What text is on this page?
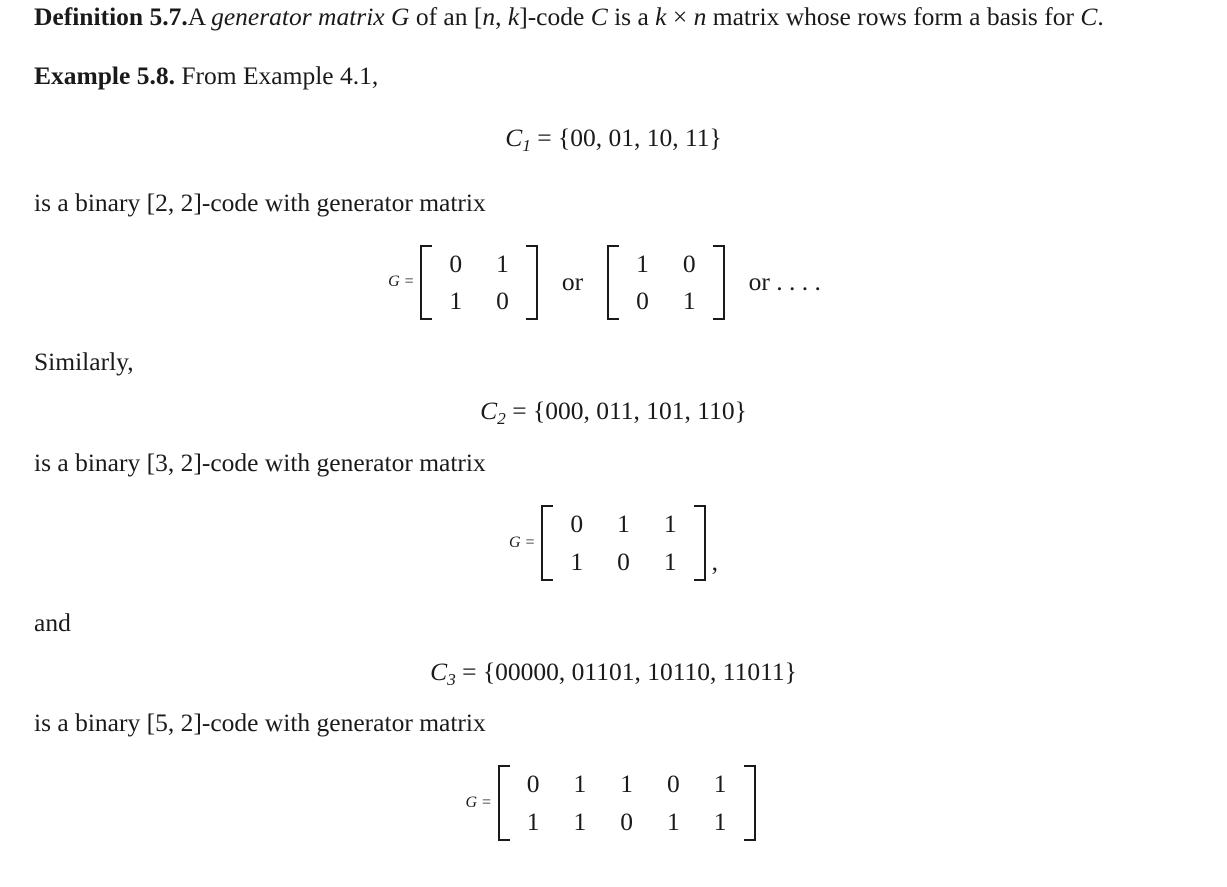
Definition 5.7.A generator matrix G of an [n, k]-code C is a k × n matrix whose rows form a basis for C.

Example 5.8. From Example 4.1,

$C_1 = \{00$, 01, 10, 11}

is a binary [2, 2]-code with generator matrix

G =
0	1
1	0
or
1	0
0	1
or . . . .

Similarly,

$C_2 = \{000$, 011, 101, 110}

is a binary [3, 2]-code with generator matrix

G =
0	1	1
1	0	1 ,

and

$C_3 = \{00000$, 01101, 10110, 11011}

is a binary [5, 2]-code with generator matrix

G =
0	1	1	0	1
1	1	0	1	1
